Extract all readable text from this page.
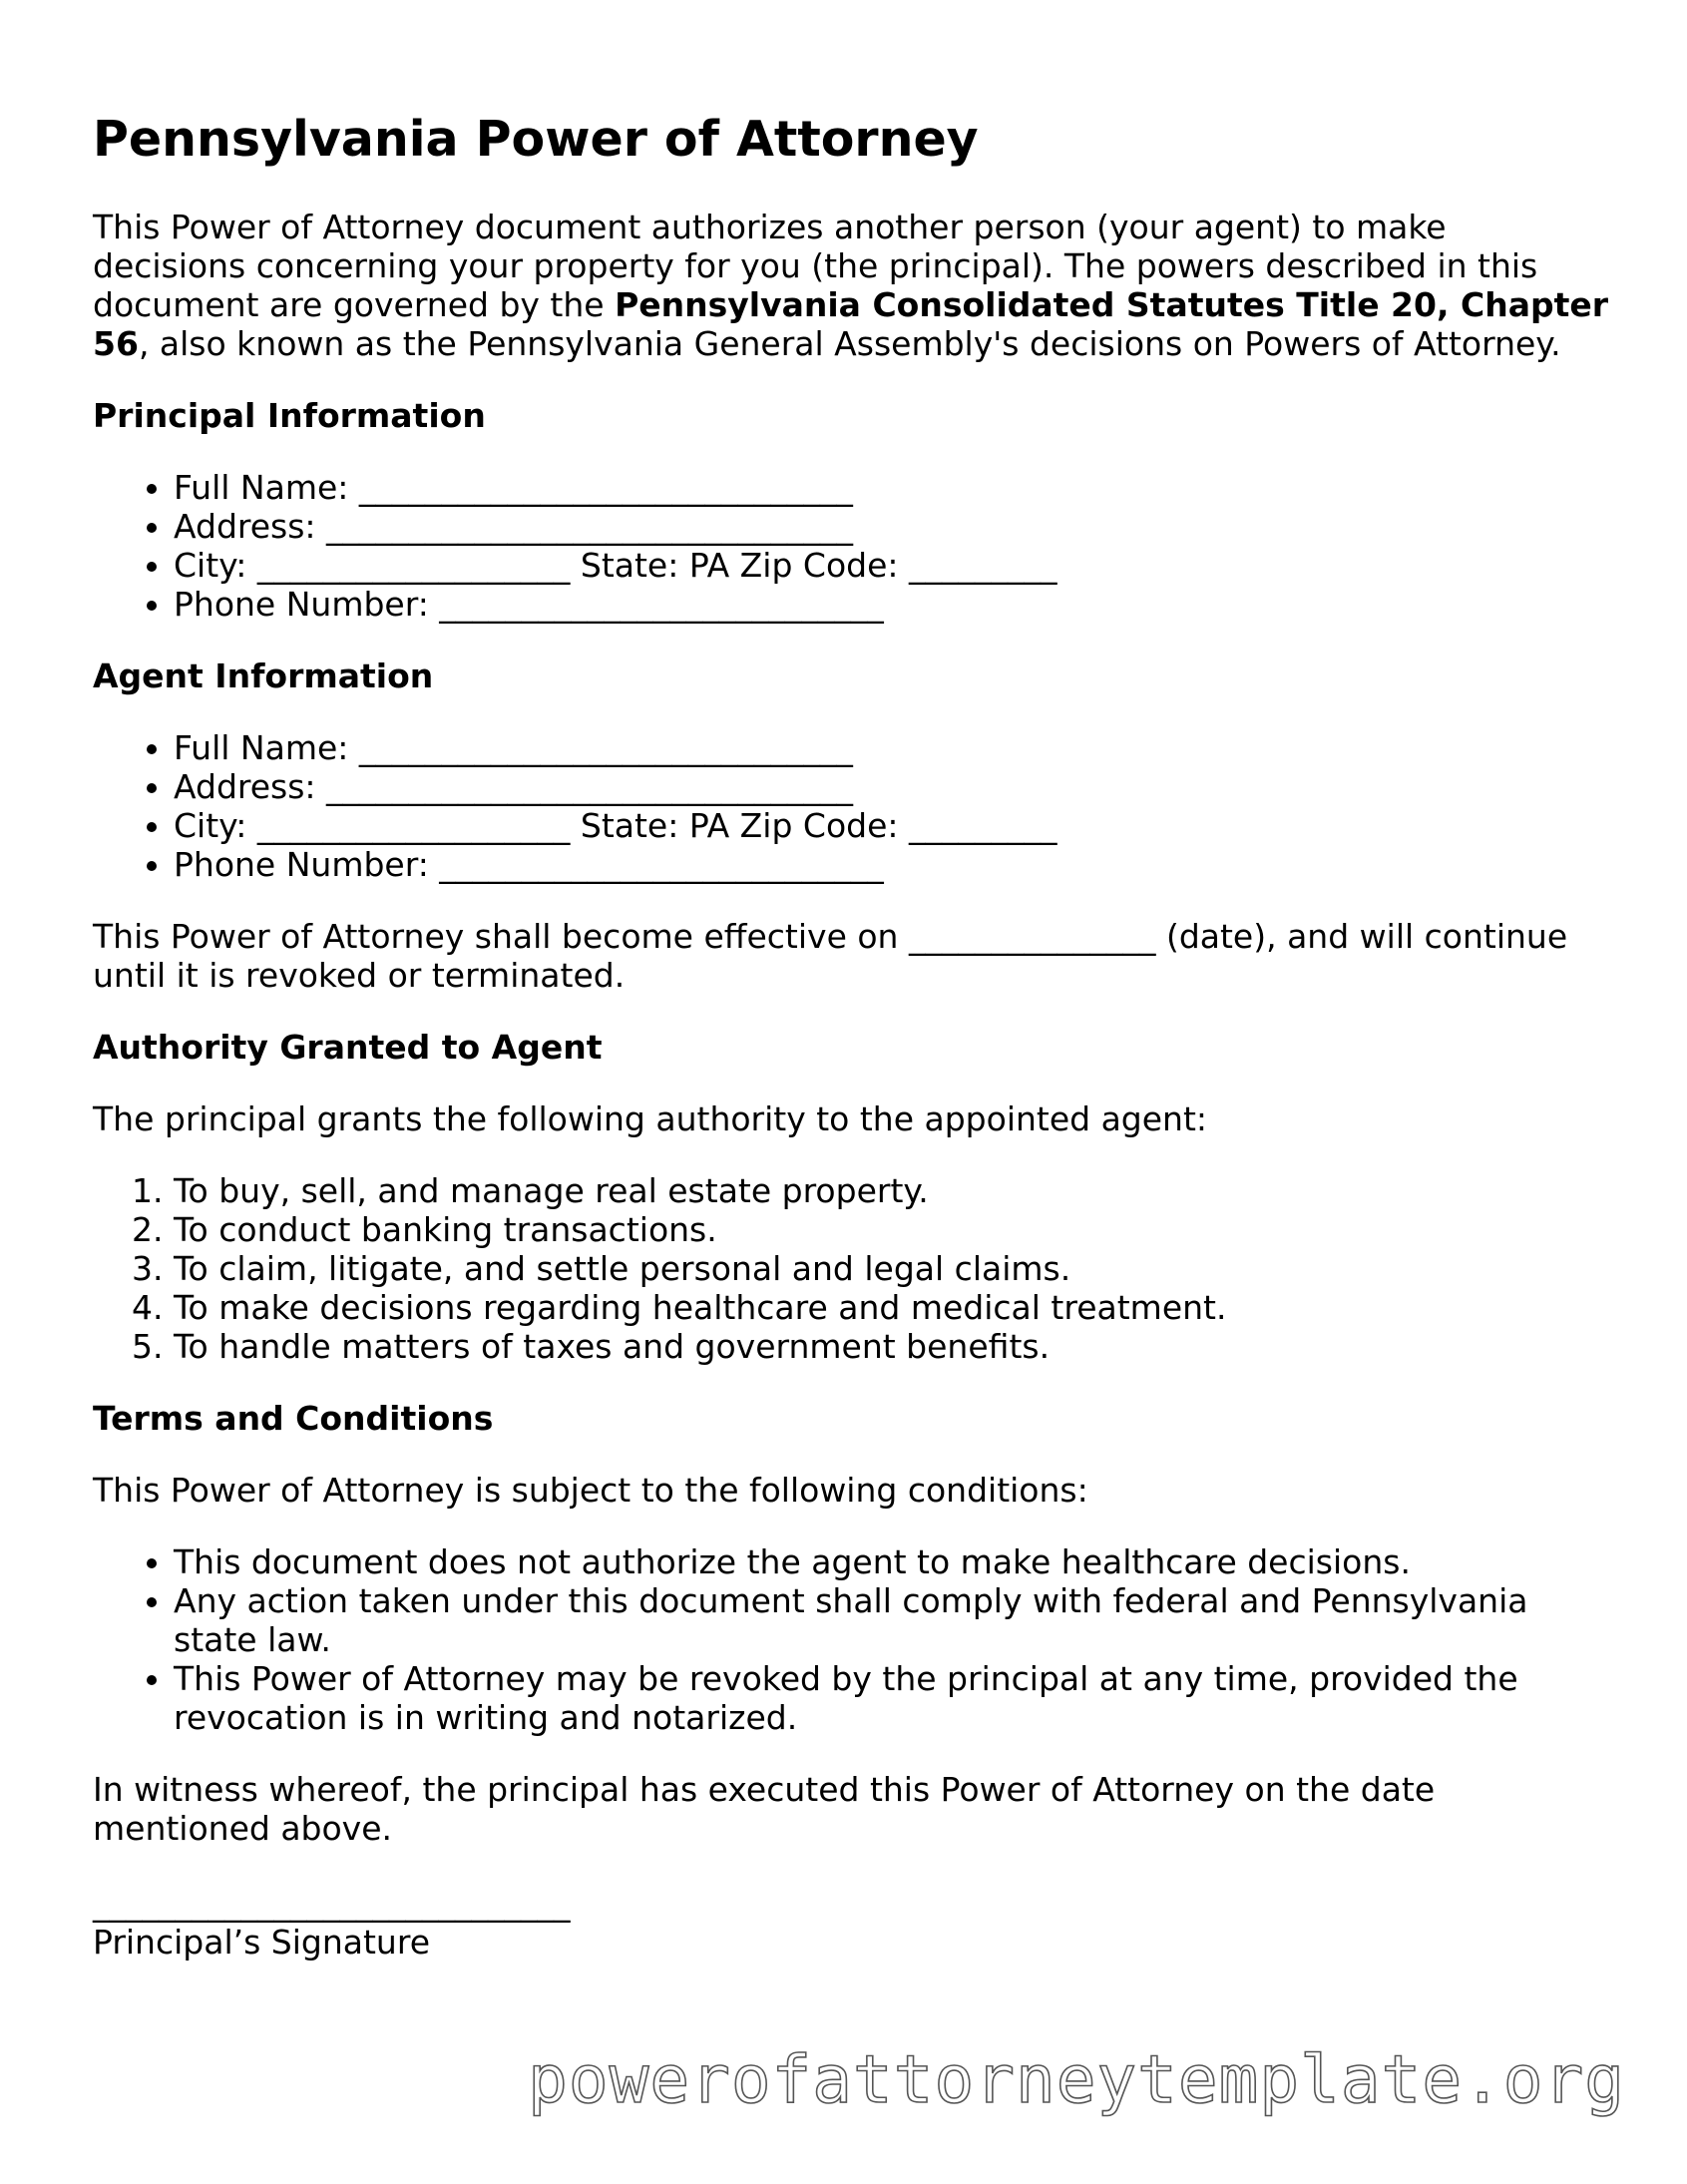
Pennsylvania Power of Attorney

This Power of Attorney document authorizes another person (your agent) to make decisions concerning your property for you (the principal). The powers described in this document are governed by the Pennsylvania Consolidated Statutes Title 20, Chapter 56, also known as the Pennsylvania General Assembly's decisions on Powers of Attorney.

Principal Information
• Full Name: ______________________________
• Address: ________________________________
• City: ___________________ State: PA Zip Code: _________
• Phone Number: ___________________________
Agent Information
• Full Name: ______________________________
• Address: ________________________________
• City: ___________________ State: PA Zip Code: _________
• Phone Number: ___________________________

This Power of Attorney shall become effective on _______________ (date), and will continue until it is revoked or terminated.

Authority Granted to Agent

The principal grants the following authority to the appointed agent:

1. To buy, sell, and manage real estate property.
2. To conduct banking transactions.
3. To claim, litigate, and settle personal and legal claims.
4. To make decisions regarding healthcare and medical treatment.
5. To handle matters of taxes and government benefits.
Terms and Conditions

This Power of Attorney is subject to the following conditions:

• This document does not authorize the agent to make healthcare decisions.
• Any action taken under this document shall comply with federal and Pennsylvania state law.
• This Power of Attorney may be revoked by the principal at any time, provided the revocation is in writing and notarized.

In witness whereof, the principal has executed this Power of Attorney on the date mentioned above.

_____________________________
Principal’s Signature
powerofattorneytemplate.org
